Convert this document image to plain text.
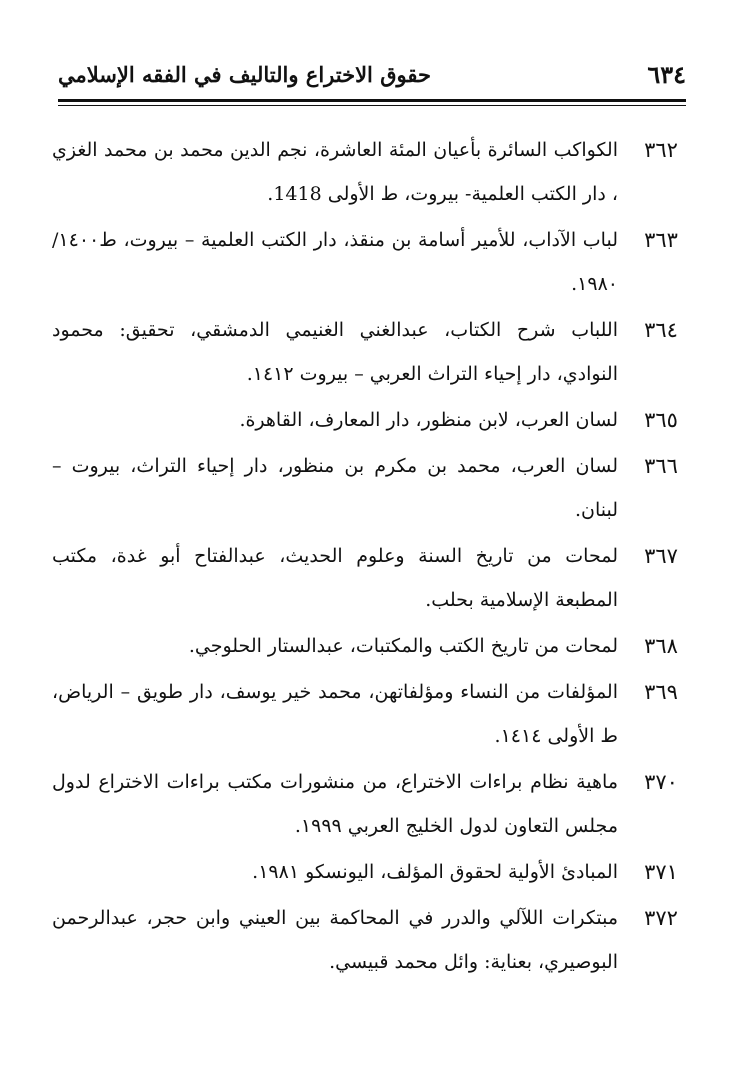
٦٣٤
حقوق الاختراع والتاليف في الفقه الإسلامي
٣٦٢
الكواكب السائرة بأعيان المئة العاشرة، نجم الدين محمد بن محمد الغزي ، دار الكتب العلمية- بيروت، ط الأولى 1418.
٣٦٣
لباب الآداب، للأمير أسامة بن منقذ، دار الكتب العلمية – بيروت، ط١٤٠٠/ ١٩٨٠.
٣٦٤
اللباب شرح الكتاب، عبدالغني الغنيمي الدمشقي، تحقيق: محمود النوادي، دار إحياء التراث العربي – بيروت ١٤١٢.
٣٦٥
لسان العرب، لابن منظور، دار المعارف، القاهرة.
٣٦٦
لسان العرب، محمد بن مكرم بن منظور، دار إحياء التراث، بيروت – لبنان.
٣٦٧
لمحات من تاريخ السنة وعلوم الحديث، عبدالفتاح أبو غدة، مكتب المطبعة الإسلامية بحلب.
٣٦٨
لمحات من تاريخ الكتب والمكتبات، عبدالستار الحلوجي.
٣٦٩
المؤلفات من النساء ومؤلفاتهن، محمد خير يوسف، دار طويق – الرياض، ط الأولى ١٤١٤.
٣٧٠
ماهية نظام براءات الاختراع، من منشورات مكتب براءات الاختراع لدول مجلس التعاون لدول الخليج العربي ١٩٩٩.
٣٧١
المبادئ الأولية لحقوق المؤلف، اليونسكو ١٩٨١.
٣٧٢
مبتكرات اللآلي والدرر في المحاكمة بين العيني وابن حجر، عبدالرحمن البوصيري، بعناية: وائل محمد قبيسي.
